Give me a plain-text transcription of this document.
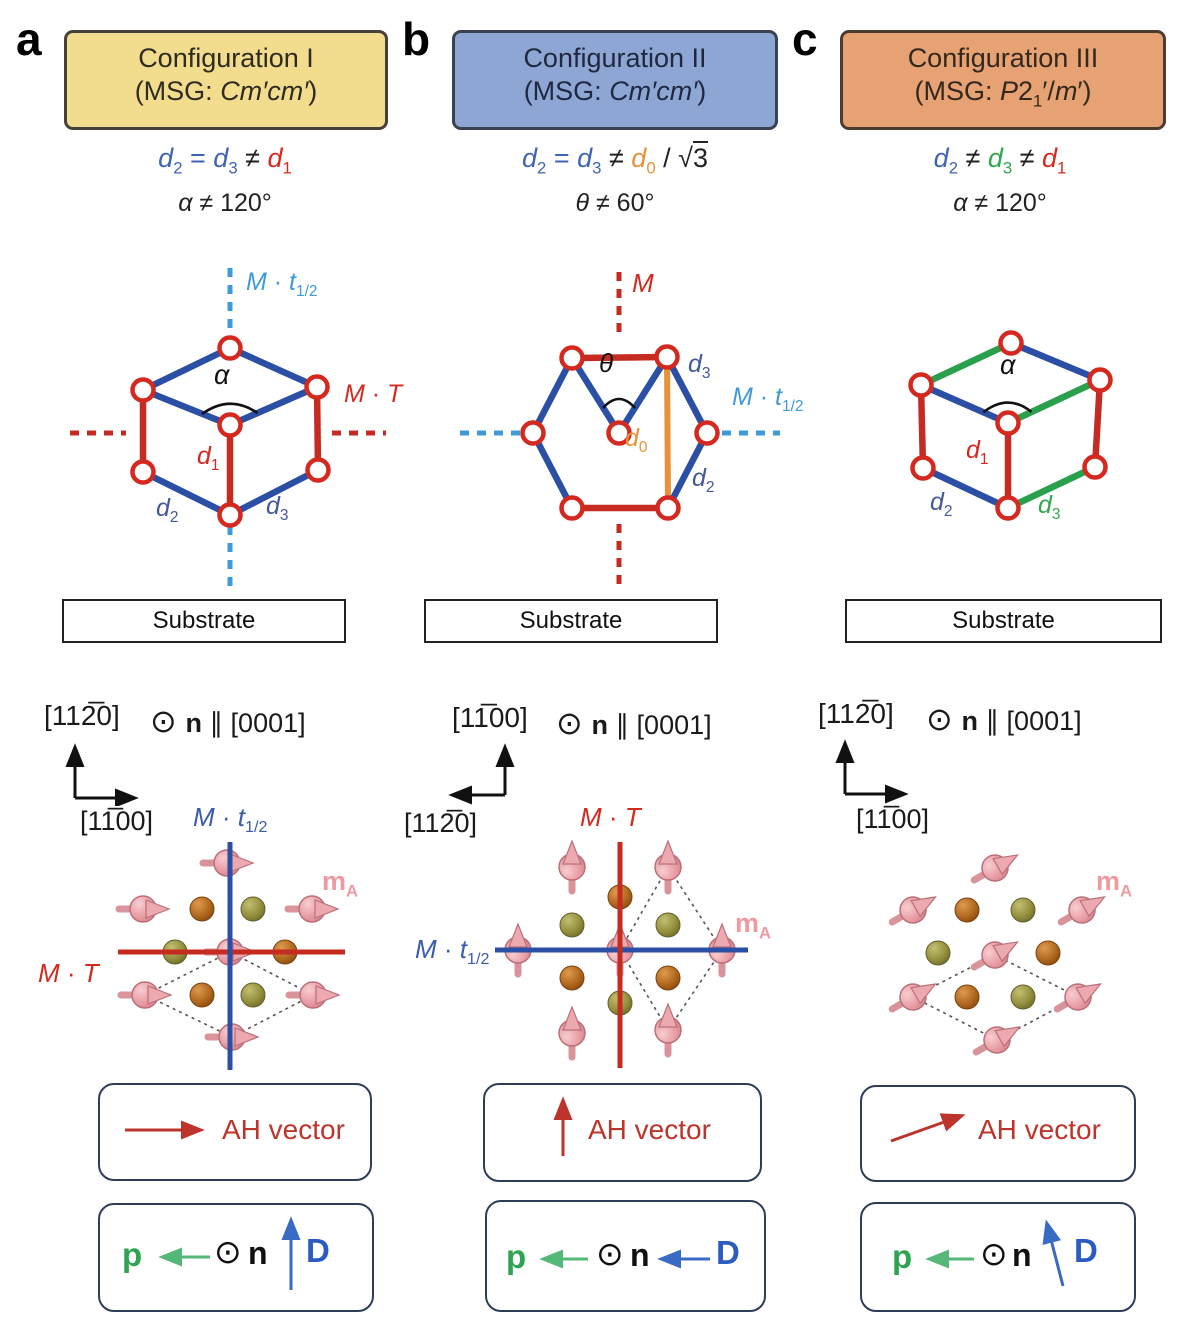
a	b	c
Configuration I
(MSG: Cm′cm′)
Configuration II
(MSG: Cm′cm′)
Configuration III
(MSG: $P2_1'/m'$)
$d_2 = d_3 \ne d_1$
α ≠ 120°
$d_2 = d_3 \ne d_0 / √3$
θ ≠ 60°
$d_2 \ne d_3 \ne d_1$
α ≠ 120°
$M \cdot t_{1/2}$
M · T
α
$d_1$
$d_2$	$d_3$
M
$M \cdot t_{1/2}$
θ	$d_3$
$d_0$
$d_2$
α
$d_1$
$d_2$	$d_3$
Substrate	Substrate	Substrate
[112̅0] ⊙ n ∥ [0001]
[11̅00] $M \cdot t_{1/2}$
[11̅00] ⊙ n ∥ [0001]
[112̅0]	M · T
[112̅0] ⊙ n ∥ [0001]
[11̅00]
$m_A$
M · T
$m_A$
$M \cdot t_{1/2}$
$m_A$
AH vector	AH vector	AH vector
p ⊙ n D	p ⊙ n D	p ⊙ n D
